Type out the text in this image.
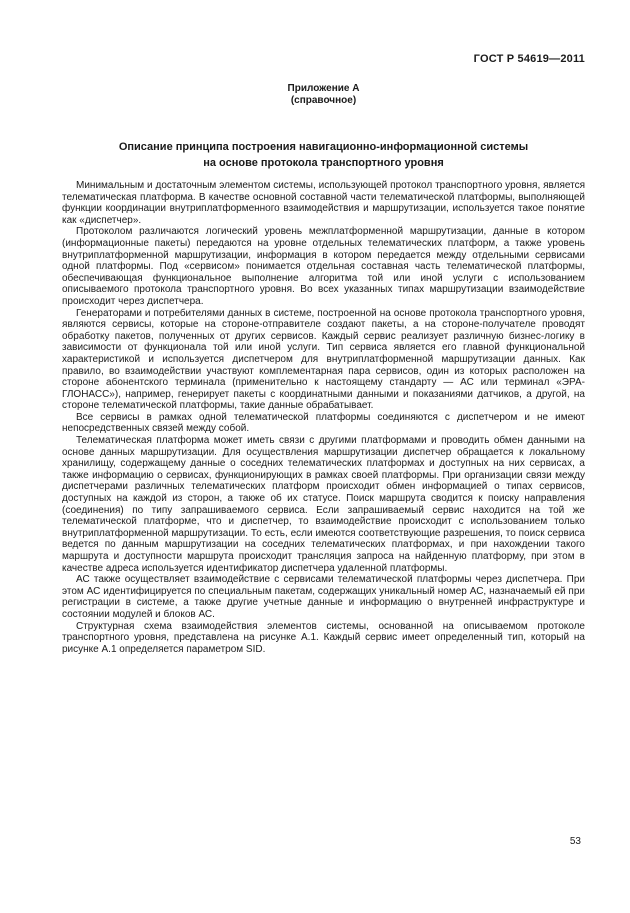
ГОСТ Р 54619—2011
Приложение А
(справочное)
Описание принципа построения навигационно-информационной системы
на основе протокола транспортного уровня

Минимальным и достаточным элементом системы, использующей протокол транспортного уровня, является телематическая платформа. В качестве основной составной части телематической платформы, выполняющей функции координации внутриплатформенного взаимодействия и маршрутизации, используется такое понятие как «диспетчер».

Протоколом различаются логический уровень межплатформенной маршрутизации, данные в котором (информационные пакеты) передаются на уровне отдельных телематических платформ, а также уровень внутриплатформенной маршрутизации, информация в котором передается между отдельными сервисами одной платформы. Под «сервисом» понимается отдельная составная часть телематической платформы, обеспечивающая функциональное выполнение алгоритма той или иной услуги с использованием описываемого протокола транспортного уровня. Во всех указанных типах маршрутизации взаимодействие происходит через диспетчера.

Генераторами и потребителями данных в системе, построенной на основе протокола транспортного уровня, являются сервисы, которые на стороне-отправителе создают пакеты, а на стороне-получателе проводят обработку пакетов, полученных от других сервисов. Каждый сервис реализует различную бизнес-логику в зависимости от функционала той или иной услуги. Тип сервиса является его главной функциональной характеристикой и используется диспетчером для внутриплатформенной маршрутизации данных. Как правило, во взаимодействии участвуют комплементарная пара сервисов, один из которых расположен на стороне абонентского терминала (применительно к настоящему стандарту — АС или терминал «ЭРА-ГЛОНАСС»), например, генерирует пакеты с координатными данными и показаниями датчиков, а другой, на стороне телематической платформы, такие данные обрабатывает.

Все сервисы в рамках одной телематической платформы соединяются с диспетчером и не имеют непосредственных связей между собой.

Телематическая платформа может иметь связи с другими платформами и проводить обмен данными на основе данных маршрутизации. Для осуществления маршрутизации диспетчер обращается к локальному хранилищу, содержащему данные о соседних телематических платформах и доступных на них сервисах, а также информацию о сервисах, функционирующих в рамках своей платформы. При организации связи между диспетчерами различных телематических платформ происходит обмен информацией о типах сервисов, доступных на каждой из сторон, а также об их статусе. Поиск маршрута сводится к поиску направления (соединения) по типу запрашиваемого сервиса. Если запрашиваемый сервис находится на той же телематической платформе, что и диспетчер, то взаимодействие происходит с использованием только внутриплатформенной маршрутизации. То есть, если имеются соответствующие разрешения, то поиск сервиса ведется по данным маршрутизации на соседних телематических платформах, и при нахождении такого маршрута и доступности маршрута происходит трансляция запроса на найденную платформу, при этом в качестве адреса используется идентификатор диспетчера удаленной платформы.

АС также осуществляет взаимодействие с сервисами телематической платформы через диспетчера. При этом АС идентифицируется по специальным пакетам, содержащих уникальный номер АС, назначаемый ей при регистрации в системе, а также другие учетные данные и информацию о внутренней инфраструктуре и состоянии модулей и блоков АС.

Структурная схема взаимодействия элементов системы, основанной на описываемом протоколе транспортного уровня, представлена на рисунке А.1. Каждый сервис имеет определенный тип, который на рисунке А.1 определяется параметром SID.

53
